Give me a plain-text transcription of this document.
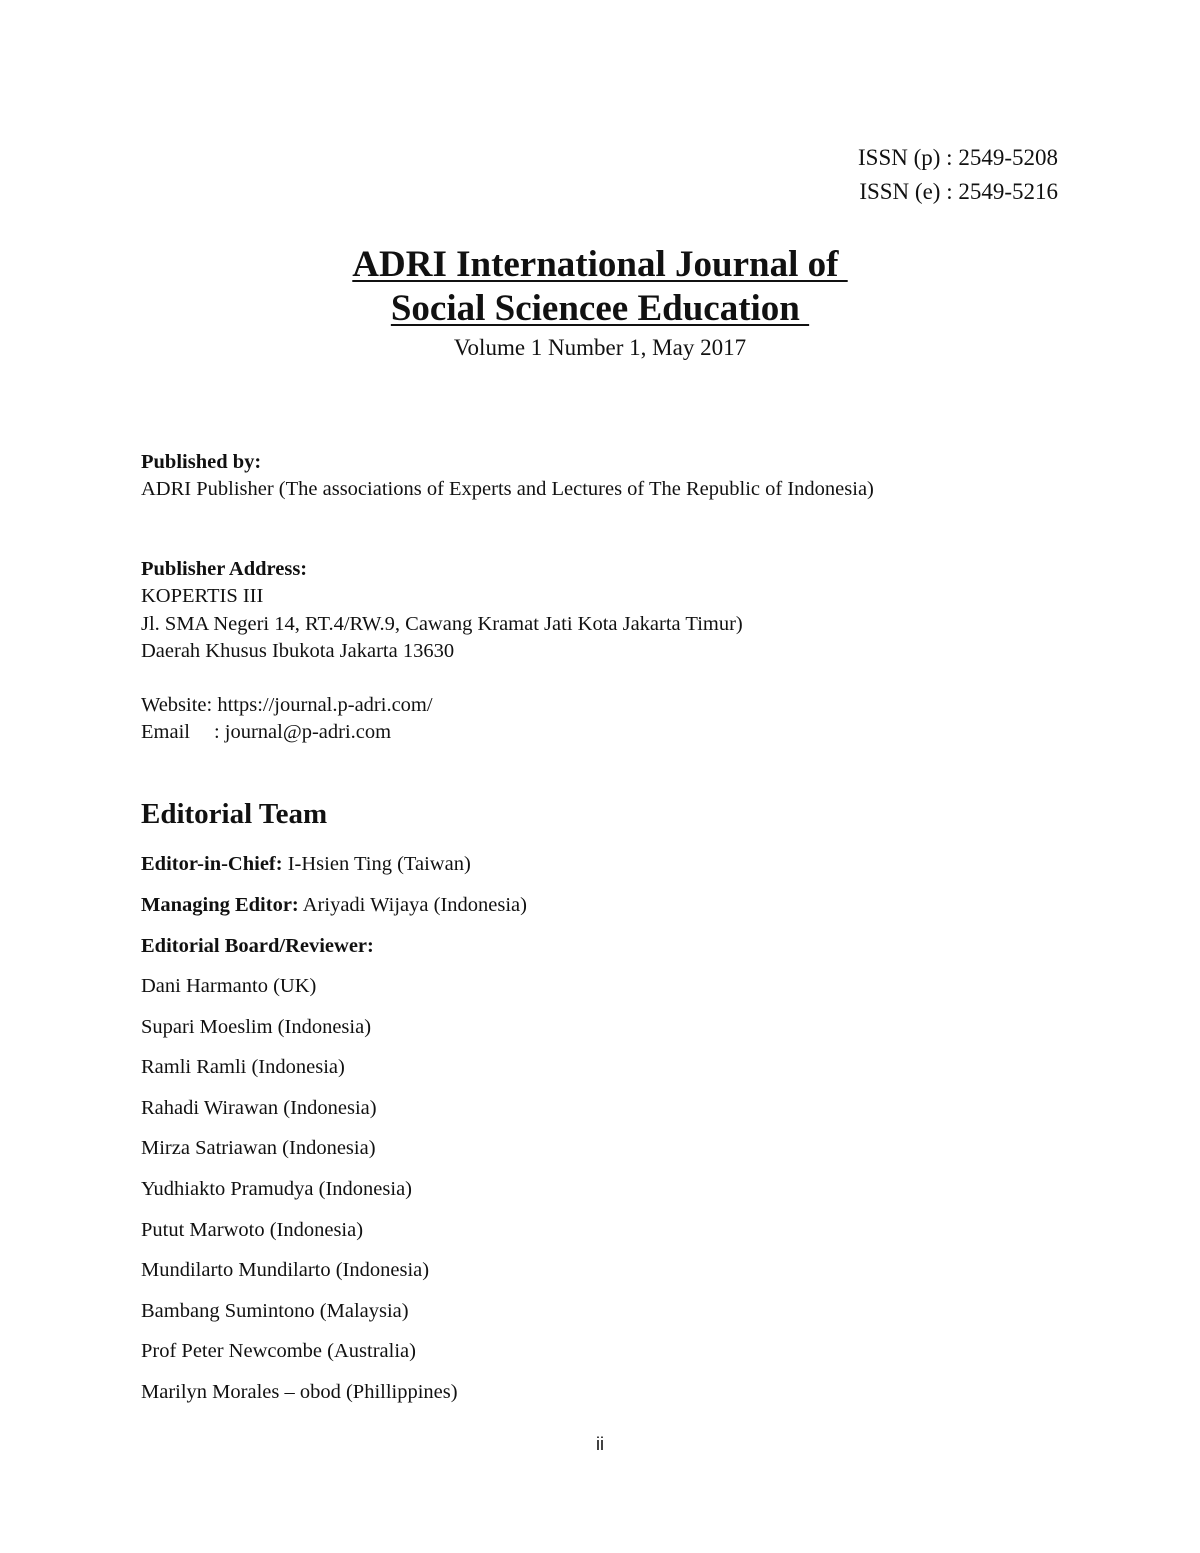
ISSN (p) : 2549-5208
ISSN (e) : 2549-5216
ADRI International Journal of
Social Sciencee Education
Volume 1 Number 1, May 2017
Published by:
ADRI Publisher (The associations of Experts and Lectures of The Republic of Indonesia)
Publisher Address:
KOPERTIS III
Jl. SMA Negeri 14, RT.4/RW.9, Cawang Kramat Jati Kota Jakarta Timur)
Daerah Khusus Ibukota Jakarta 13630
Website: https://journal.p-adri.com/
Email : journal@p-adri.com
Editorial Team
Editor-in-Chief: I-Hsien Ting (Taiwan)
Managing Editor: Ariyadi Wijaya (Indonesia)
Editorial Board/Reviewer:
Dani Harmanto (UK)
Supari Moeslim (Indonesia)
Ramli Ramli (Indonesia)
Rahadi Wirawan (Indonesia)
Mirza Satriawan (Indonesia)
Yudhiakto Pramudya (Indonesia)
Putut Marwoto (Indonesia)
Mundilarto Mundilarto (Indonesia)
Bambang Sumintono (Malaysia)
Prof Peter Newcombe (Australia)
Marilyn Morales – obod (Phillippines)
ii
